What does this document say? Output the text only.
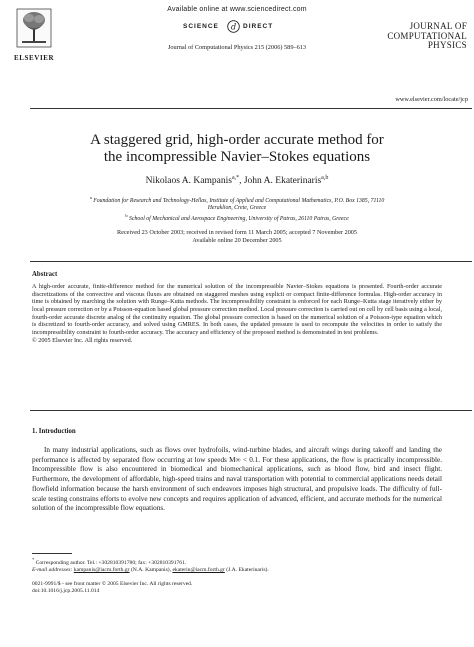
Available online at www.sciencedirect.com
SCIENCE d DIRECT
Journal of Computational Physics 215 (2006) 589–613
ELSEVIER
JOURNAL OF
COMPUTATIONAL
PHYSICS
www.elsevier.com/locate/jcp
A staggered grid, high-order accurate method for
the incompressible Navier–Stokes equations
Nikolaos A. Kampanis$^{a,*}$, John A. Ekaterinaris$^{a,b}$
$^a$ Foundation for Research and Technology-Hellas, Institute of Applied and Computational Mathematics, P.O. Box 1385, 71110
Heraklion, Crete, Greece
$^b$ School of Mechanical and Aerospace Engineering, University of Patras, 26110 Patras, Greece
Received 23 October 2003; received in revised form 11 March 2005; accepted 7 November 2005
Available online 20 December 2005
Abstract

A high-order accurate, finite-difference method for the numerical solution of the incompressible Navier–Stokes equations is presented. Fourth-order accurate discretizations of the convective and viscous fluxes are obtained on staggered meshes using explicit or compact finite-difference formulas. High-order accuracy in time is obtained by marching the solution with Runge–Kutta methods. The incompressibility constraint is enforced for each Runge–Kutta stage iteratively either by local pressure correction or by a Poisson-equation based global pressure correction method. Local pressure correction is carried out on cell by cell basis using a local, fourth-order accurate discrete analog of the continuity equation. The global pressure correction is based on the numerical solution of a Poisson-type equation which is discretized to fourth-order accuracy, and solved using GMRES. In both cases, the updated pressure is used to recompute the velocities in order to satisfy the incompressibility constraint to fourth-order accuracy. The accuracy and efficiency of the proposed method is demonstrated in test problems.

© 2005 Elsevier Inc. All rights reserved.

1. Introduction
In many industrial applications, such as flows over hydrofoils, wind-turbine blades, and aircraft wings during takeoff and landing the performance is affected by separated flow occurring at low speeds M∞ < 0.1. For these applications, the flow is practically incompressible. Incompressible flow is also encountered in biomedical and biomechanical applications, such as blood flow, bird and insect flight. Furthermore, the development of affordable, high-speed trains and naval transportation with potential to commercial applications needs detail flowfield information because the harsh environment of such endeavors imposes high structural, and propulsive loads. The difficulty of full-scale testing constrains efforts to evolve new concepts and requires application of advanced, efficient, and accurate methods for the numerical solution of the incompressible flow equations.
* Corresponding author. Tel.: +302810391780; fax: +302810391761.
E-mail addresses: kampanis@iacm.forth.gr (N.A. Kampanis), ekaterin@iacm.forth.gr (J.A. Ekaterinaris).
0021-9991/$ - see front matter © 2005 Elsevier Inc. All rights reserved.
doi:10.1016/j.jcp.2005.11.014
